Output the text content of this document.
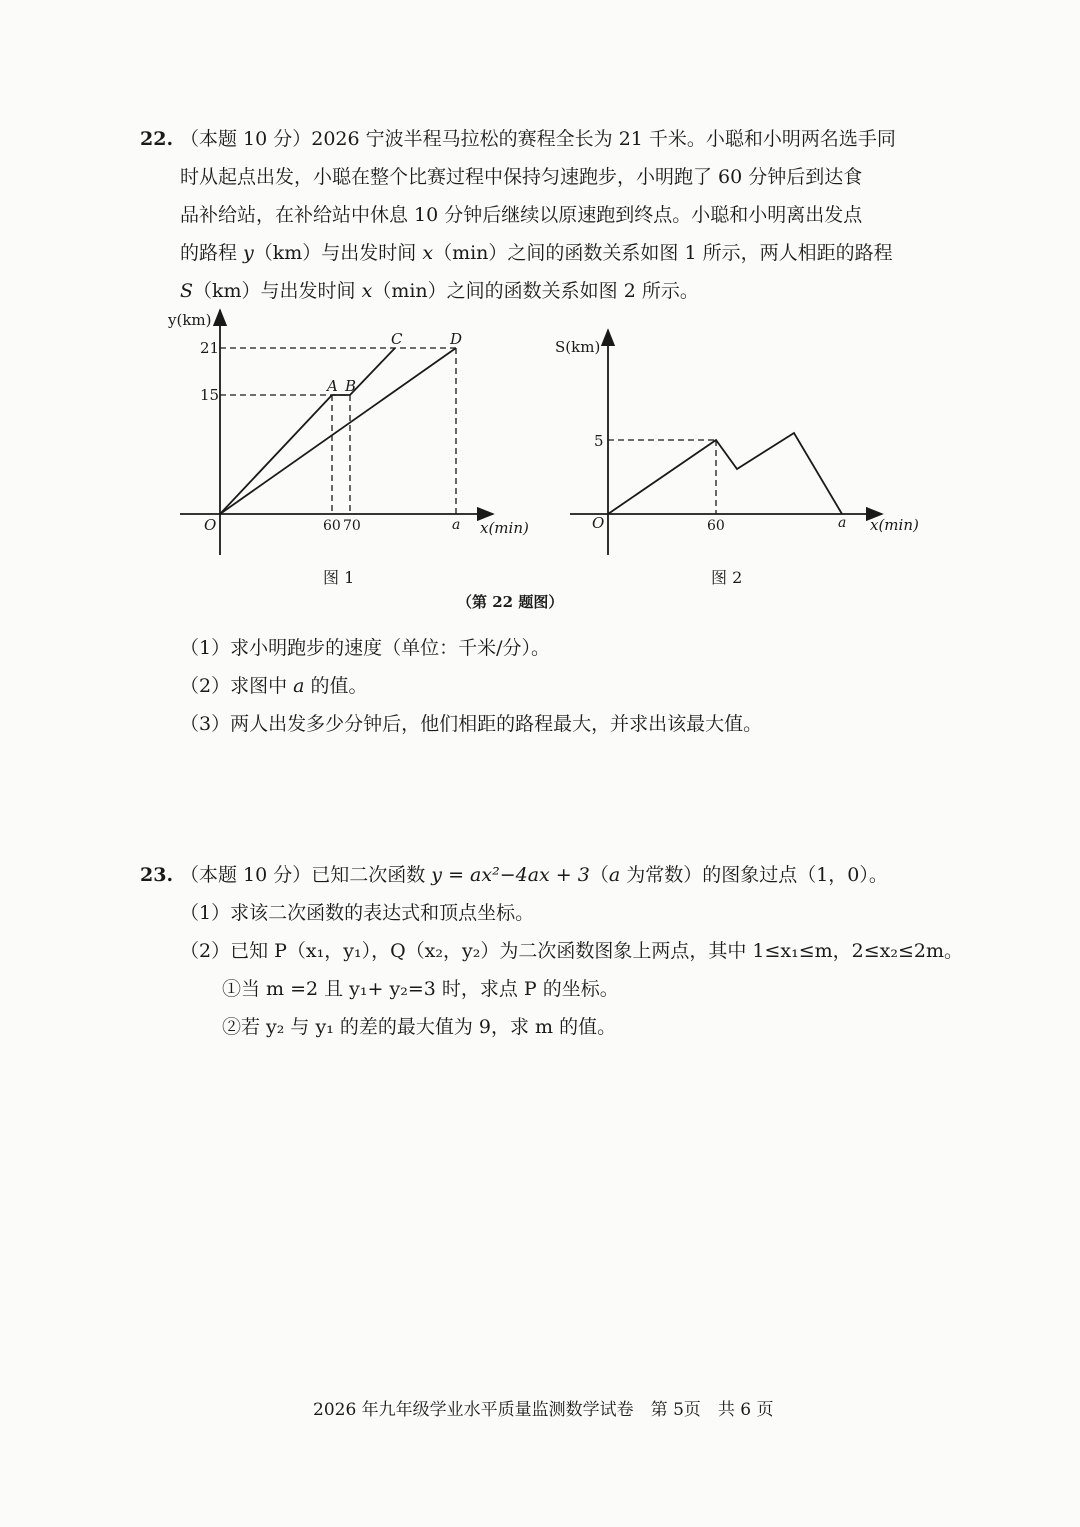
22. （本题 10 分）2026 宁波半程马拉松的赛程全长为 21 千米。小聪和小明两名选手同
时从起点出发，小聪在整个比赛过程中保持匀速跑步，小明跑了 60 分钟后到达食
品补给站，在补给站中休息 10 分钟后继续以原速跑到终点。小聪和小明离出发点
的路程 y（km）与出发时间 x（min）之间的函数关系如图 1 所示，两人相距的路程
S（km）与出发时间 x（min）之间的函数关系如图 2 所示。
y(km)
21
15
O	60 70	a x(min)
A B
C	D	S(km)
5
O	60	a x(min)
图 1	图 2
（第 22 题图）
（1）求小明跑步的速度（单位：千米/分）。
（2）求图中 a 的值。
（3）两人出发多少分钟后，他们相距的路程最大，并求出该最大值。
23. （本题 10 分）已知二次函数 y = ax²−4ax + 3（a 为常数）的图象过点（1，0）。
（1）求该二次函数的表达式和顶点坐标。
（2）已知 P（x₁，y₁），Q（x₂，y₂）为二次函数图象上两点，其中 1≤x₁≤m，2≤x₂≤2m。
①当 m =2 且 y₁+ y₂=3 时，求点 P 的坐标。
②若 y₂ 与 y₁ 的差的最大值为 9，求 m 的值。
2026 年九年级学业水平质量监测数学试卷　第 5页　共 6 页
